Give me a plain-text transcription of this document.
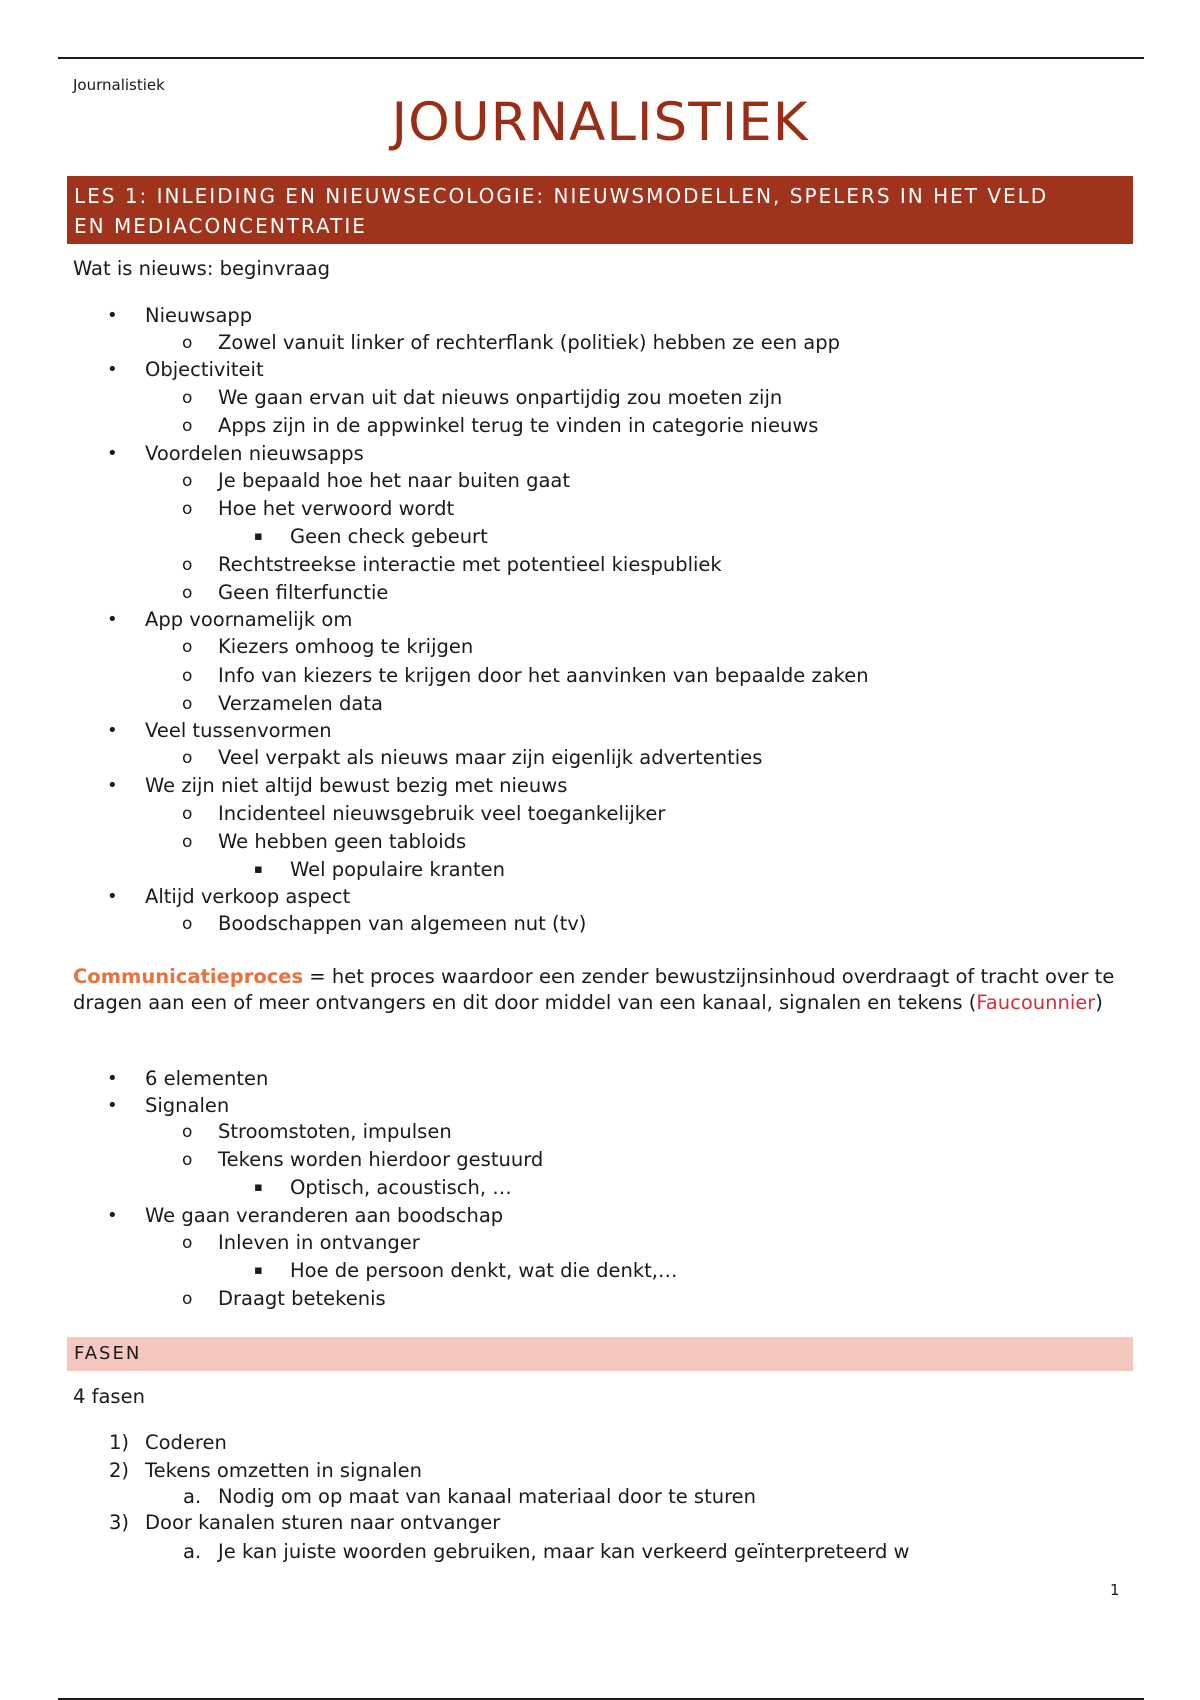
Journalistiek
JOURNALISTIEK
LES 1: INLEIDING EN NIEUWSECOLOGIE: NIEUWSMODELLEN, SPELERS IN HET VELD
EN MEDIACONCENTRATIE
Wat is nieuws: beginvraag
• Nieuwsapp
o Zowel vanuit linker of rechterflank (politiek) hebben ze een app
• Objectiviteit
o We gaan ervan uit dat nieuws onpartijdig zou moeten zijn
o Apps zijn in de appwinkel terug te vinden in categorie nieuws
• Voordelen nieuwsapps
o Je bepaald hoe het naar buiten gaat
o Hoe het verwoord wordt
▪ Geen check gebeurt
o Rechtstreekse interactie met potentieel kiespubliek
o Geen filterfunctie
• App voornamelijk om
o Kiezers omhoog te krijgen
o Info van kiezers te krijgen door het aanvinken van bepaalde zaken
o Verzamelen data
• Veel tussenvormen
o Veel verpakt als nieuws maar zijn eigenlijk advertenties
• We zijn niet altijd bewust bezig met nieuws
o Incidenteel nieuwsgebruik veel toegankelijker
o We hebben geen tabloids
▪ Wel populaire kranten
• Altijd verkoop aspect
o Boodschappen van algemeen nut (tv)
Communicatieproces = het proces waardoor een zender bewustzijnsinhoud overdraagt of tracht over te dragen aan een of meer ontvangers en dit door middel van een kanaal, signalen en tekens (Faucounnier)
• 6 elementen
• Signalen
o Stroomstoten, impulsen
o Tekens worden hierdoor gestuurd
▪ Optisch, acoustisch, …
• We gaan veranderen aan boodschap
o Inleven in ontvanger
▪ Hoe de persoon denkt, wat die denkt,…
o Draagt betekenis
FASEN
4 fasen
1) Coderen
2) Tekens omzetten in signalen
a. Nodig om op maat van kanaal materiaal door te sturen
3) Door kanalen sturen naar ontvanger
a. Je kan juiste woorden gebruiken, maar kan verkeerd geïnterpreteerd w
1
